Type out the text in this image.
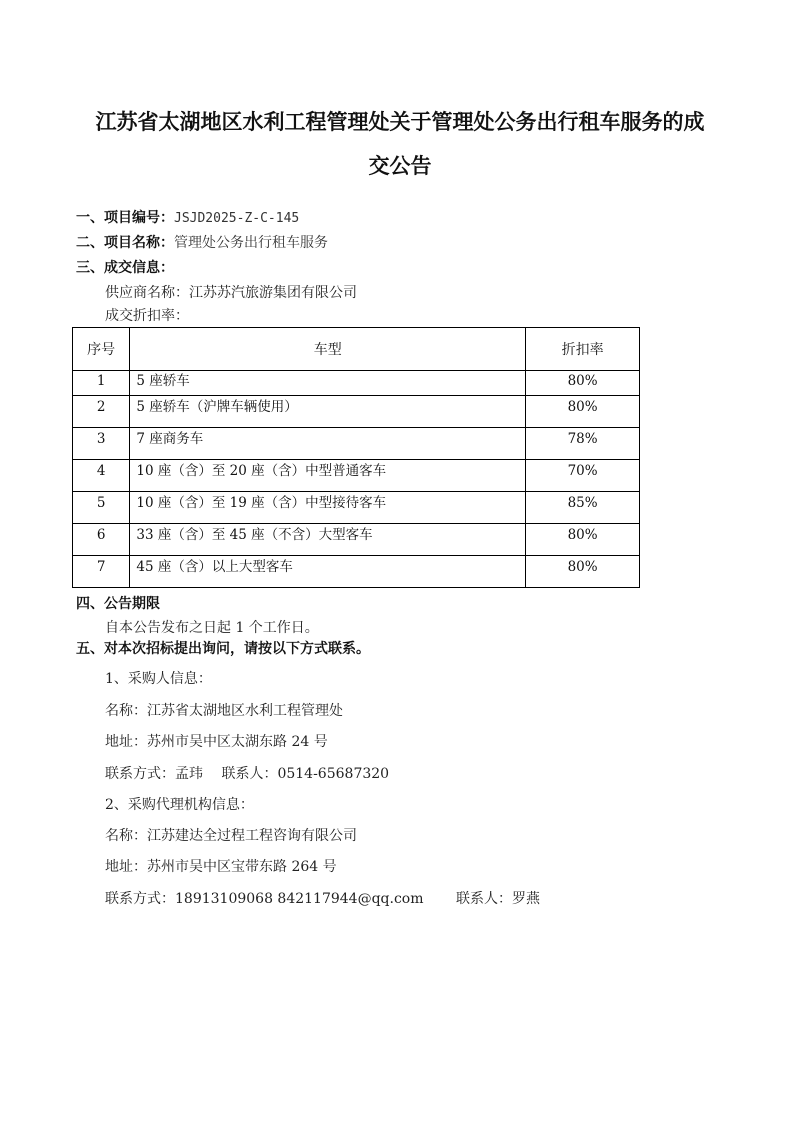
江苏省太湖地区水利工程管理处关于管理处公务出行租车服务的成
交公告
一、项目编号：JSJD2025-Z-C-145
二、项目名称：管理处公务出行租车服务
三、成交信息：
供应商名称：江苏苏汽旅游集团有限公司
成交折扣率：
序号	车型	折扣率
1	5 座轿车	80%
2	5 座轿车（沪牌车辆使用）	80%
3	7 座商务车	78%
4	10 座（含）至 20 座（含）中型普通客车	70%
5	10 座（含）至 19 座（含）中型接待客车	85%
6	33 座（含）至 45 座（不含）大型客车	80%
7	45 座（含）以上大型客车	80%
四、公告期限
自本公告发布之日起 1 个工作日。
五、对本次招标提出询问，请按以下方式联系。
1、采购人信息：
名称：江苏省太湖地区水利工程管理处
地址：苏州市吴中区太湖东路 24 号
联系方式：孟玮　 联系人：0514-65687320
2、采购代理机构信息：
名称：江苏建达全过程工程咨询有限公司
地址：苏州市吴中区宝带东路 264 号
联系方式：18913109068 842117944@qq.com　 　联系人：罗燕
